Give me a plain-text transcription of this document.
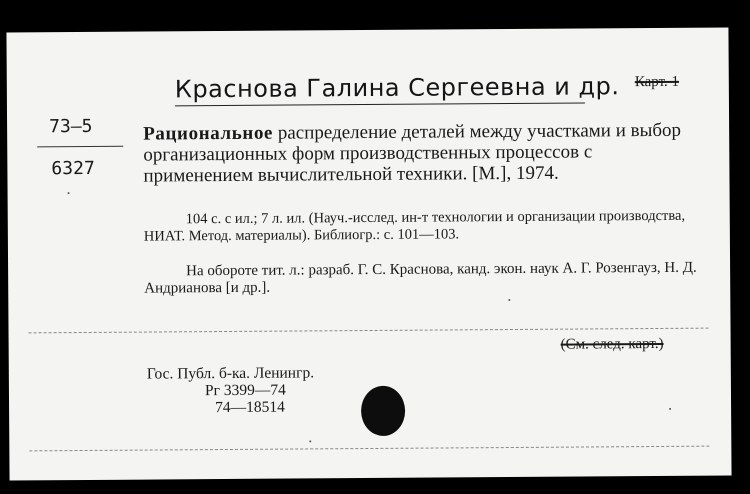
Краснова Галина Сергеевна и др. Карт. 1
73—5
6327
Рациональное распределение деталей между участками и выбор организационных форм производственных процессов с применением вычислительной техники. [М.], 1974.
104 с. с ил.; 7 л. ил. (Науч.-исслед. ин-т технологии и организации производства, НИАТ. Метод. материалы). Библиогр.: с. 101—103.
На обороте тит. л.: разраб. Г. С. Краснова, канд. экон. наук А. Г. Розенгауз, Н. Д. Андрианова [и др.].
(См. след. карт.)
Гос. Публ. б-ка. Ленингр.
Рг 3399—74
74—18514
